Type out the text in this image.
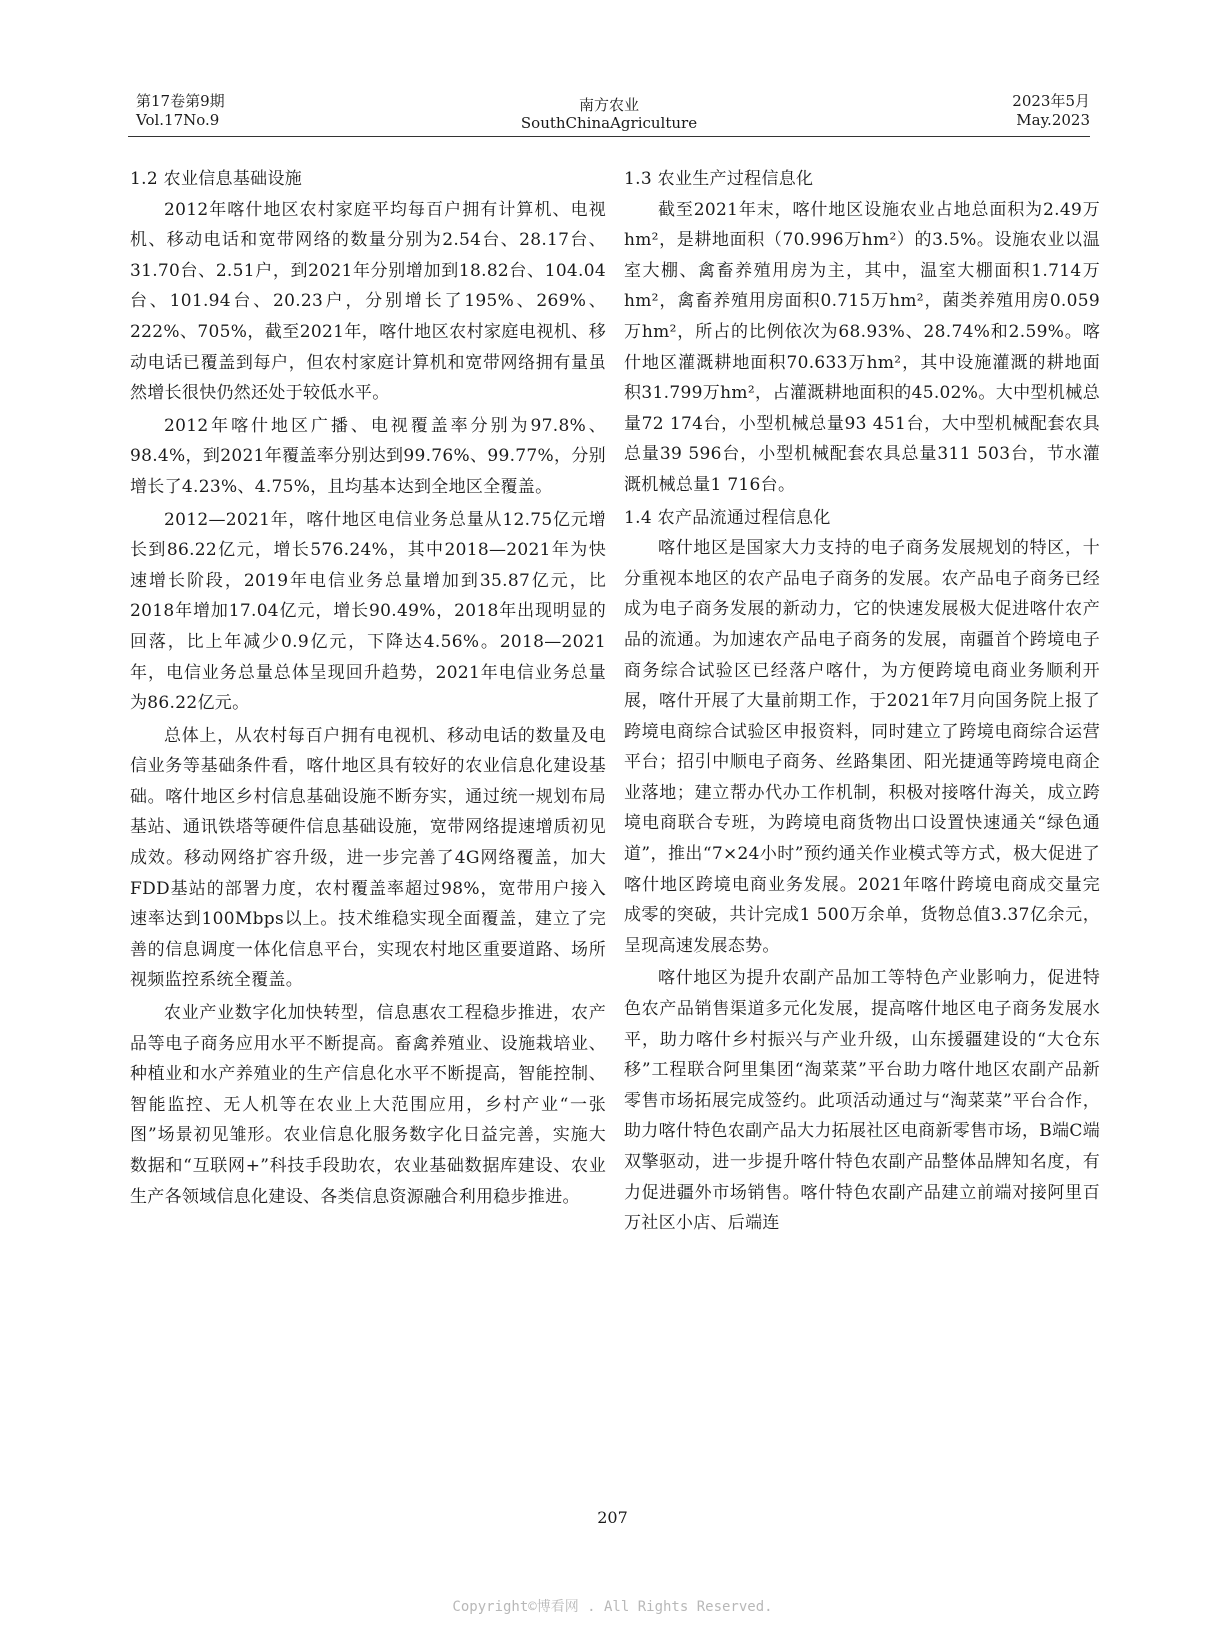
第17卷第9期
Vol.17No.9
南方农业
SouthChinaAgriculture
2023年5月
May.2023
1.2 农业信息基础设施

2012年喀什地区农村家庭平均每百户拥有计算机、电视机、移动电话和宽带网络的数量分别为2.54台、28.17台、31.70台、2.51户，到2021年分别增加到18.82台、104.04台、101.94台、20.23户，分别增长了195%、269%、222%、705%，截至2021年，喀什地区农村家庭电视机、移动电话已覆盖到每户，但农村家庭计算机和宽带网络拥有量虽然增长很快仍然还处于较低水平。

2012年喀什地区广播、电视覆盖率分别为97.8%、98.4%，到2021年覆盖率分别达到99.76%、99.77%，分别增长了4.23%、4.75%，且均基本达到全地区全覆盖。

2012—2021年，喀什地区电信业务总量从12.75亿元增长到86.22亿元，增长576.24%，其中2018—2021年为快速增长阶段，2019年电信业务总量增加到35.87亿元，比2018年增加17.04亿元，增长90.49%，2018年出现明显的回落，比上年减少0.9亿元，下降达4.56%。2018—2021年，电信业务总量总体呈现回升趋势，2021年电信业务总量为86.22亿元。

总体上，从农村每百户拥有电视机、移动电话的数量及电信业务等基础条件看，喀什地区具有较好的农业信息化建设基础。喀什地区乡村信息基础设施不断夯实，通过统一规划布局基站、通讯铁塔等硬件信息基础设施，宽带网络提速增质初见成效。移动网络扩容升级，进一步完善了4G网络覆盖，加大FDD基站的部署力度，农村覆盖率超过98%，宽带用户接入速率达到100Mbps以上。技术维稳实现全面覆盖，建立了完善的信息调度一体化信息平台，实现农村地区重要道路、场所视频监控系统全覆盖。

农业产业数字化加快转型，信息惠农工程稳步推进，农产品等电子商务应用水平不断提高。畜禽养殖业、设施栽培业、种植业和水产养殖业的生产信息化水平不断提高，智能控制、智能监控、无人机等在农业上大范围应用，乡村产业“一张图”场景初见雏形。农业信息化服务数字化日益完善，实施大数据和“互联网+”科技手段助农，农业基础数据库建设、农业生产各领域信息化建设、各类信息资源融合利用稳步推进。

1.3 农业生产过程信息化

截至2021年末，喀什地区设施农业占地总面积为2.49万hm²，是耕地面积（70.996万hm²）的3.5%。设施农业以温室大棚、禽畜养殖用房为主，其中，温室大棚面积1.714万hm²，禽畜养殖用房面积0.715万hm²，菌类养殖用房0.059万hm²，所占的比例依次为68.93%、28.74%和2.59%。喀什地区灌溉耕地面积70.633万hm²，其中设施灌溉的耕地面积31.799万hm²，占灌溉耕地面积的45.02%。大中型机械总量72 174台，小型机械总量93 451台，大中型机械配套农具总量39 596台，小型机械配套农具总量311 503台，节水灌溉机械总量1 716台。

1.4 农产品流通过程信息化

喀什地区是国家大力支持的电子商务发展规划的特区，十分重视本地区的农产品电子商务的发展。农产品电子商务已经成为电子商务发展的新动力，它的快速发展极大促进喀什农产品的流通。为加速农产品电子商务的发展，南疆首个跨境电子商务综合试验区已经落户喀什，为方便跨境电商业务顺利开展，喀什开展了大量前期工作，于2021年7月向国务院上报了跨境电商综合试验区申报资料，同时建立了跨境电商综合运营平台；招引中顺电子商务、丝路集团、阳光捷通等跨境电商企业落地；建立帮办代办工作机制，积极对接喀什海关，成立跨境电商联合专班，为跨境电商货物出口设置快速通关“绿色通道”，推出“7×24小时”预约通关作业模式等方式，极大促进了喀什地区跨境电商业务发展。2021年喀什跨境电商成交量完成零的突破，共计完成1 500万余单，货物总值3.37亿余元，呈现高速发展态势。

喀什地区为提升农副产品加工等特色产业影响力，促进特色农产品销售渠道多元化发展，提高喀什地区电子商务发展水平，助力喀什乡村振兴与产业升级，山东援疆建设的“大仓东移”工程联合阿里集团“淘菜菜”平台助力喀什地区农副产品新零售市场拓展完成签约。此项活动通过与“淘菜菜”平台合作，助力喀什特色农副产品大力拓展社区电商新零售市场，B端C端双擎驱动，进一步提升喀什特色农副产品整体品牌知名度，有力促进疆外市场销售。喀什特色农副产品建立前端对接阿里百万社区小店、后端连

207
Copyright©博看网 . All Rights Reserved.
